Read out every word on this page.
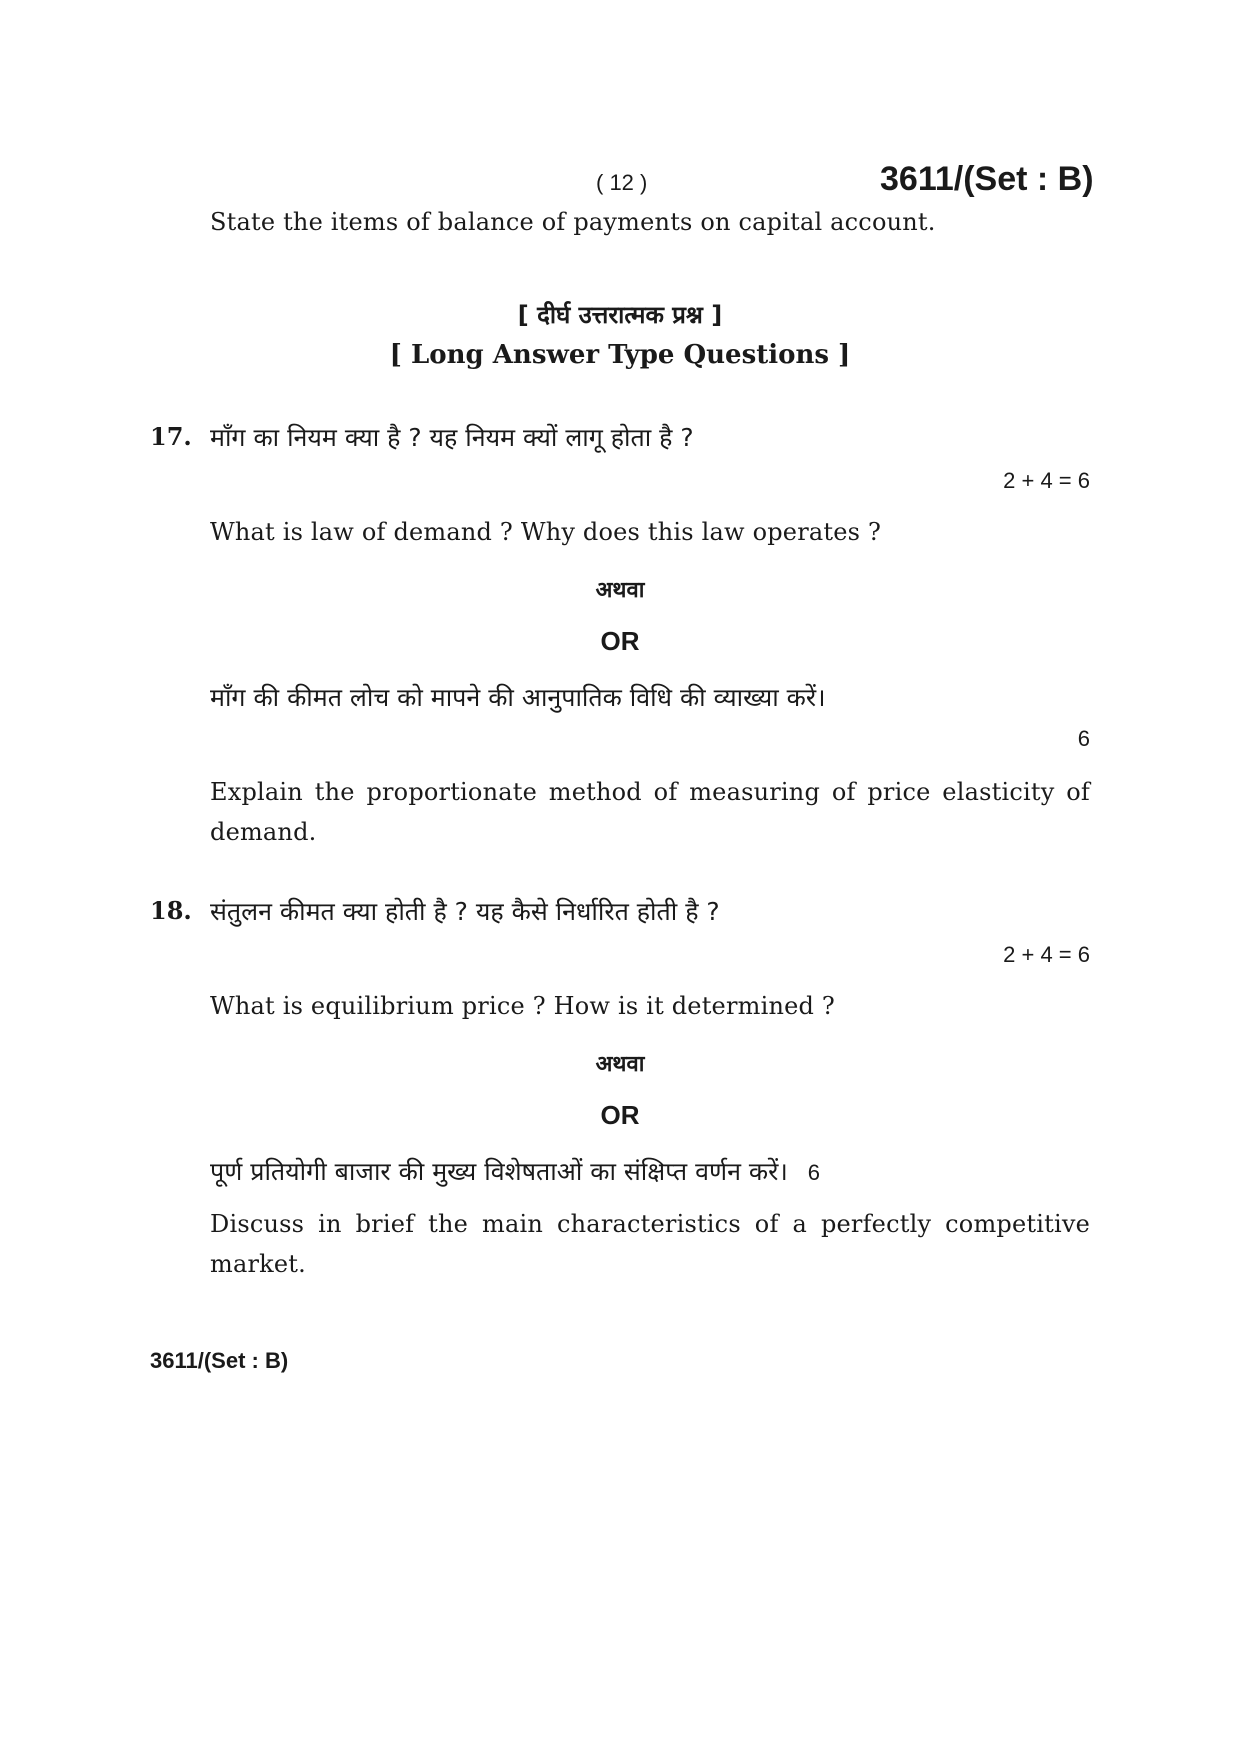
( 12 )	3611/(Set : B)
State the items of balance of payments on capital account.
[ दीर्घ उत्तरात्मक प्रश्न ]
[ Long Answer Type Questions ]
17. माँग का नियम क्या है ? यह नियम क्यों लागू होता है ?
2 + 4 = 6
What is law of demand ? Why does this law operates ?
अथवा
OR
माँग की कीमत लोच को मापने की आनुपातिक विधि की व्याख्या करें।
6
Explain the proportionate method of measuring of price elasticity of demand.
18. संतुलन कीमत क्या होती है ? यह कैसे निर्धारित होती है ?
2 + 4 = 6
What is equilibrium price ? How is it determined ?
अथवा
OR
पूर्ण प्रतियोगी बाजार की मुख्य विशेषताओं का संक्षिप्त वर्णन करें। 6
Discuss in brief the main characteristics of a perfectly competitive market.
3611/(Set : B)
